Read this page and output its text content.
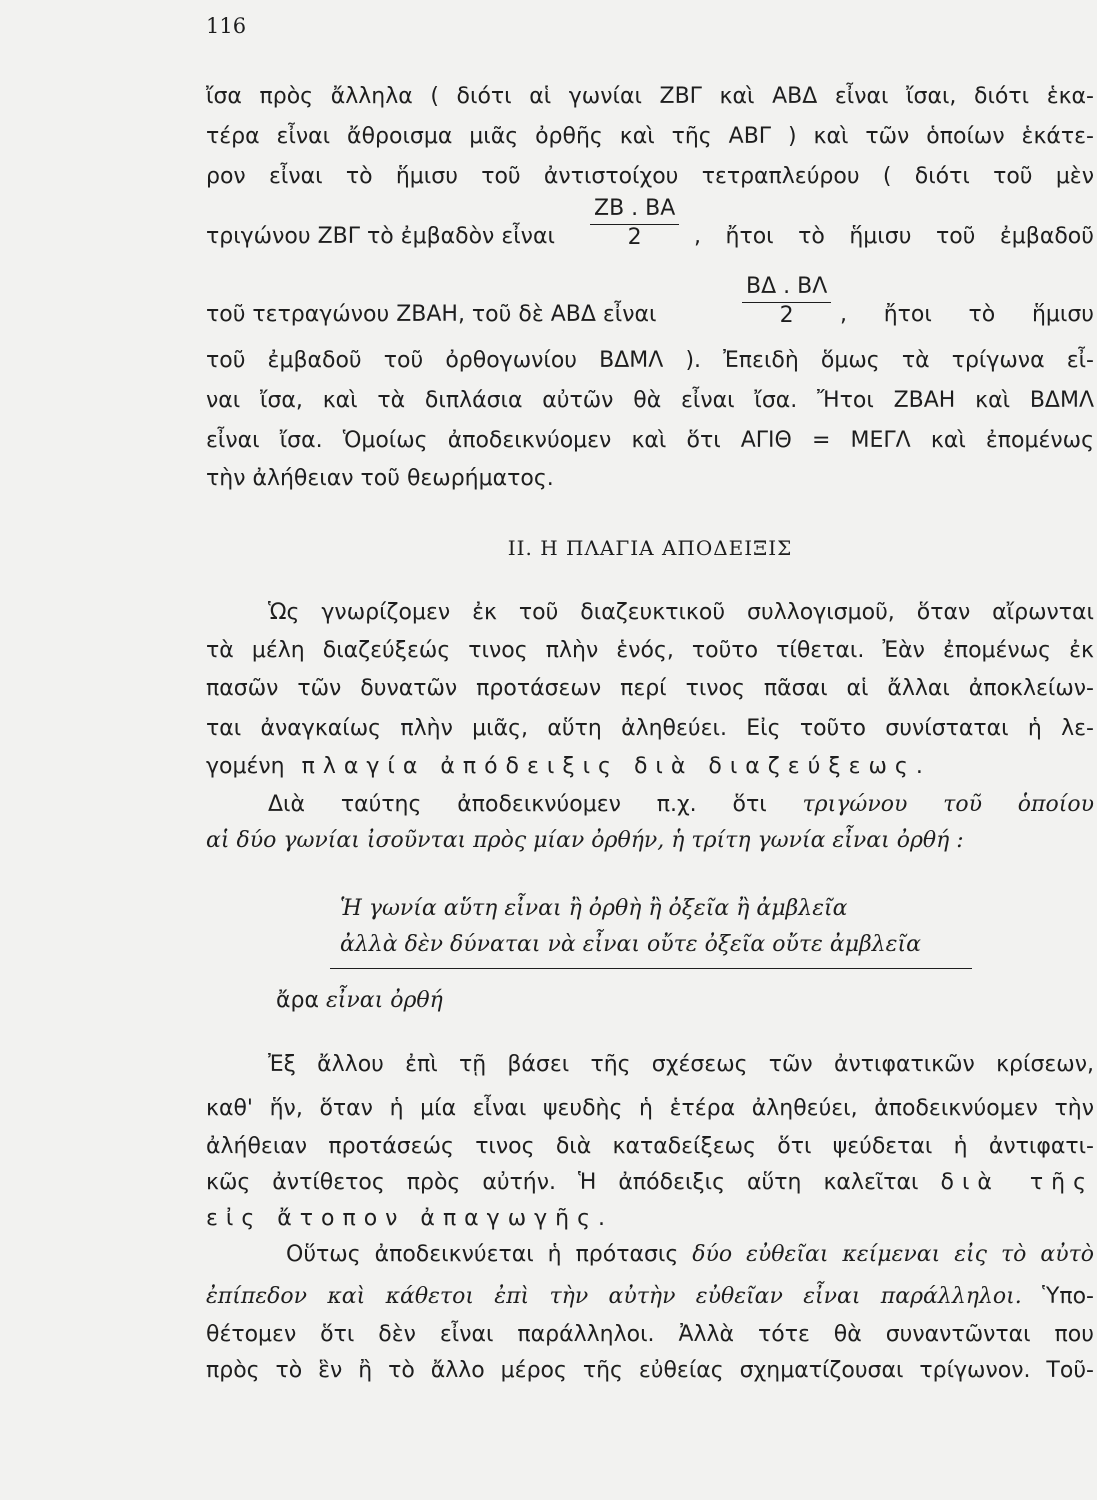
116
ἴσα πρὸς ἄλληλα ( διότι αἱ γωνίαι ΖΒΓ καὶ ΑΒΔ εἶναι ἴσαι, διότι ἑκα-
τέρα εἶναι ἄθροισμα μιᾶς ὀρθῆς καὶ τῆς ΑΒΓ ) καὶ τῶν ὁποίων ἑκάτε-
ρον εἶναι τὸ ἥμισυ τοῦ ἀντιστοίχου τετραπλεύρου ( διότι τοῦ μὲν
τριγώνου ΖΒΓ τὸ ἐμβαδὸν εἶναι
ΖΒ . ΒΑ
2	, ἤτοι τὸ ἥμισυ τοῦ ἐμβαδοῦ
τοῦ τετραγώνου ΖΒΑΗ, τοῦ δὲ ΑΒΔ εἶναι
ΒΔ . ΒΛ
2	, ἤτοι τὸ ἥμισυ
τοῦ ἐμβαδοῦ τοῦ ὀρθογωνίου ΒΔΜΛ ). Ἐπειδὴ ὅμως τὰ τρίγωνα εἶ-
ναι ἴσα, καὶ τὰ διπλάσια αὐτῶν θὰ εἶναι ἴσα. Ἤτοι ΖΒΑΗ καὶ ΒΔΜΛ
εἶναι ἴσα. Ὁμοίως ἀποδεικνύομεν καὶ ὅτι ΑΓΙΘ = ΜΕΓΛ καὶ ἐπομένως
τὴν ἀλήθειαν τοῦ θεωρήματος.
ΙΙ. Η ΠΛΑΓΙΑ ΑΠΟΔΕΙΞΙΣ
Ὡς γνωρίζομεν ἐκ τοῦ διαζευκτικοῦ συλλογισμοῦ, ὅταν αἴρωνται
τὰ μέλη διαζεύξεώς τινος πλὴν ἑνός, τοῦτο τίθεται. Ἐὰν ἐπομένως ἐκ
πασῶν τῶν δυνατῶν προτάσεων περί τινος πᾶσαι αἱ ἄλλαι ἀποκλείων-
ται ἀναγκαίως πλὴν μιᾶς, αὕτη ἀληθεύει. Εἰς τοῦτο συνίσταται ἡ λε-
γομένη πλαγία ἀπόδειξις διὰ διαζεύξεως.
Διὰ ταύτης ἀποδεικνύομεν π.χ. ὅτι τριγώνου τοῦ ὁποίου
αἱ δύο γωνίαι ἰσοῦνται πρὸς μίαν ὀρθήν, ἡ τρίτη γωνία εἶναι ὀρθή :
Ἡ γωνία αὕτη εἶναι ἢ ὀρθὴ ἢ ὀξεῖα ἢ ἀμβλεῖα
ἀλλὰ δὲν δύναται νὰ εἶναι οὔτε ὀξεῖα οὔτε ἀμβλεῖα
ἄρα εἶναι ὀρθή
Ἐξ ἄλλου ἐπὶ τῇ βάσει τῆς σχέσεως τῶν ἀντιφατικῶν κρίσεων,
καθ' ἥν, ὅταν ἡ μία εἶναι ψευδὴς ἡ ἑτέρα ἀληθεύει, ἀποδεικνύομεν τὴν
ἀλήθειαν προτάσεώς τινος διὰ καταδείξεως ὅτι ψεύδεται ἡ ἀντιφατι-
κῶς ἀντίθετος πρὸς αὐτήν. Ἡ ἀπόδειξις αὕτη καλεῖται διὰ τῆς
εἰς ἄτοπον ἀπαγωγῆς.
Οὕτως ἀποδεικνύεται ἡ πρότασις δύο εὐθεῖαι κείμεναι εἰς τὸ αὐτὸ
ἐπίπεδον καὶ κάθετοι ἐπὶ τὴν αὐτὴν εὐθεῖαν εἶναι παράλληλοι. Ὑπο-
θέτομεν ὅτι δὲν εἶναι παράλληλοι. Ἀλλὰ τότε θὰ συναντῶνται που
πρὸς τὸ ἓν ἢ τὸ ἄλλο μέρος τῆς εὐθείας σχηματίζουσαι τρίγωνον. Τοῦ-
